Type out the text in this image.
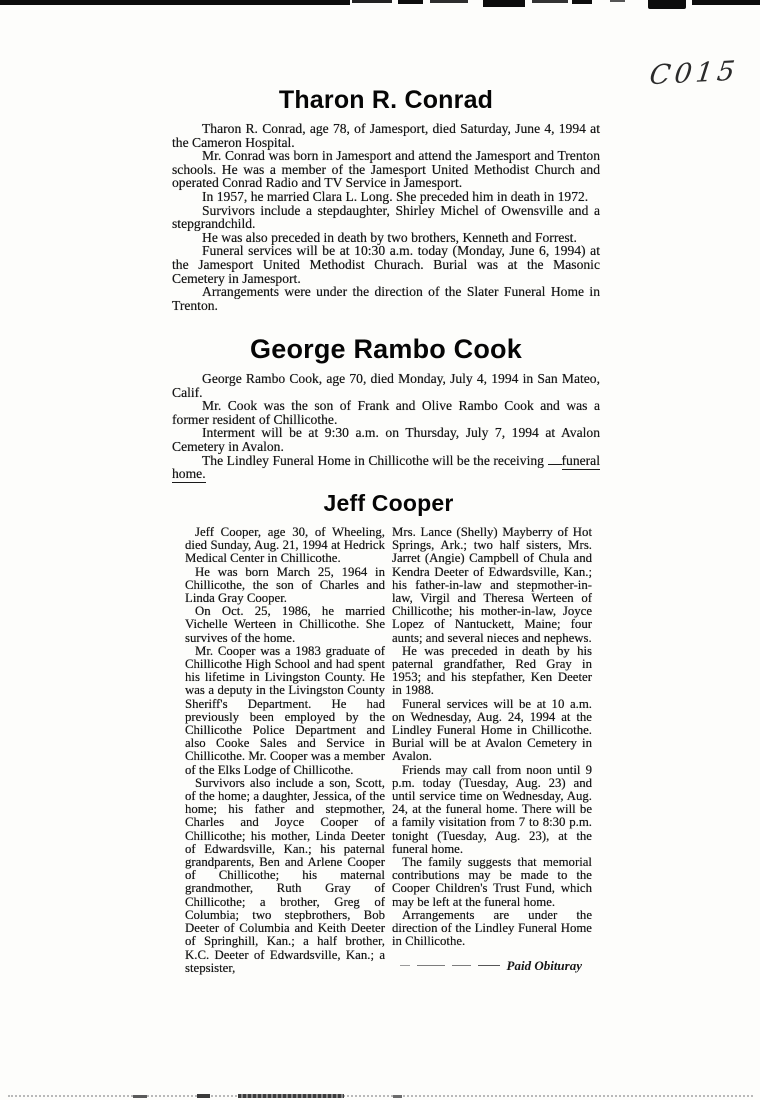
C015
Tharon R. Conrad

Tharon R. Conrad, age 78, of Jamesport, died Saturday, June 4, 1994 at the Cameron Hospital.

Mr. Conrad was born in Jamesport and attend the Jamesport and Trenton schools. He was a member of the Jamesport United Methodist Church and operated Conrad Radio and TV Service in Jamesport.

In 1957, he married Clara L. Long. She preceded him in death in 1972.

Survivors include a stepdaughter, Shirley Michel of Owensville and a stepgrandchild.

He was also preceded in death by two brothers, Kenneth and Forrest.

Funeral services will be at 10:30 a.m. today (Monday, June 6, 1994) at the Jamesport United Methodist Churach. Burial was at the Masonic Cemetery in Jamesport.

Arrangements were under the direction of the Slater Funeral Home in Trenton.

George Rambo Cook

George Rambo Cook, age 70, died Monday, July 4, 1994 in San Mateo, Calif.

Mr. Cook was the son of Frank and Olive Rambo Cook and was a former resident of Chillicothe.

Interment will be at 9:30 a.m. on Thursday, July 7, 1994 at Avalon Cemetery in Avalon.

The Lindley Funeral Home in Chillicothe will be the receiving funeral home.

Jeff Cooper

Jeff Cooper, age 30, of Wheeling, died Sunday, Aug. 21, 1994 at Hedrick Medical Center in Chillicothe.

He was born March 25, 1964 in Chillicothe, the son of Charles and Linda Gray Cooper.

On Oct. 25, 1986, he married Vichelle Werteen in Chillicothe. She survives of the home.

Mr. Cooper was a 1983 graduate of Chillicothe High School and had spent his lifetime in Livingston County. He was a deputy in the Livingston County Sheriff's Department. He had previously been employed by the Chillicothe Police Department and also Cooke Sales and Service in Chillicothe. Mr. Cooper was a member of the Elks Lodge of Chillicothe.

Survivors also include a son, Scott, of the home; a daughter, Jessica, of the home; his father and stepmother, Charles and Joyce Cooper of Chillicothe; his mother, Linda Deeter of Edwardsville, Kan.; his paternal grandparents, Ben and Arlene Cooper of Chillicothe; his maternal grandmother, Ruth Gray of Chillicothe; a brother, Greg of Columbia; two stepbrothers, Bob Deeter of Columbia and Keith Deeter of Springhill, Kan.; a half brother, K.C. Deeter of Edwardsville, Kan.; a stepsister,

Mrs. Lance (Shelly) Mayberry of Hot Springs, Ark.; two half sisters, Mrs. Jarret (Angie) Campbell of Chula and Kendra Deeter of Edwardsville, Kan.; his father-in-law and stepmother-in-law, Virgil and Theresa Werteen of Chillicothe; his mother-in-law, Joyce Lopez of Nantuckett, Maine; four aunts; and several nieces and nephews.

He was preceded in death by his paternal grandfather, Red Gray in 1953; and his stepfather, Ken Deeter in 1988.

Funeral services will be at 10 a.m. on Wednesday, Aug. 24, 1994 at the Lindley Funeral Home in Chillicothe. Burial will be at Avalon Cemetery in Avalon.

Friends may call from noon until 9 p.m. today (Tuesday, Aug. 23) and until service time on Wednesday, Aug. 24, at the funeral home. There will be a family visitation from 7 to 8:30 p.m. tonight (Tuesday, Aug. 23), at the funeral home.

The family suggests that memorial contributions may be made to the Cooper Children's Trust Fund, which may be left at the funeral home.

Arrangements are under the direction of the Lindley Funeral Home in Chillicothe.

Paid Obituray
